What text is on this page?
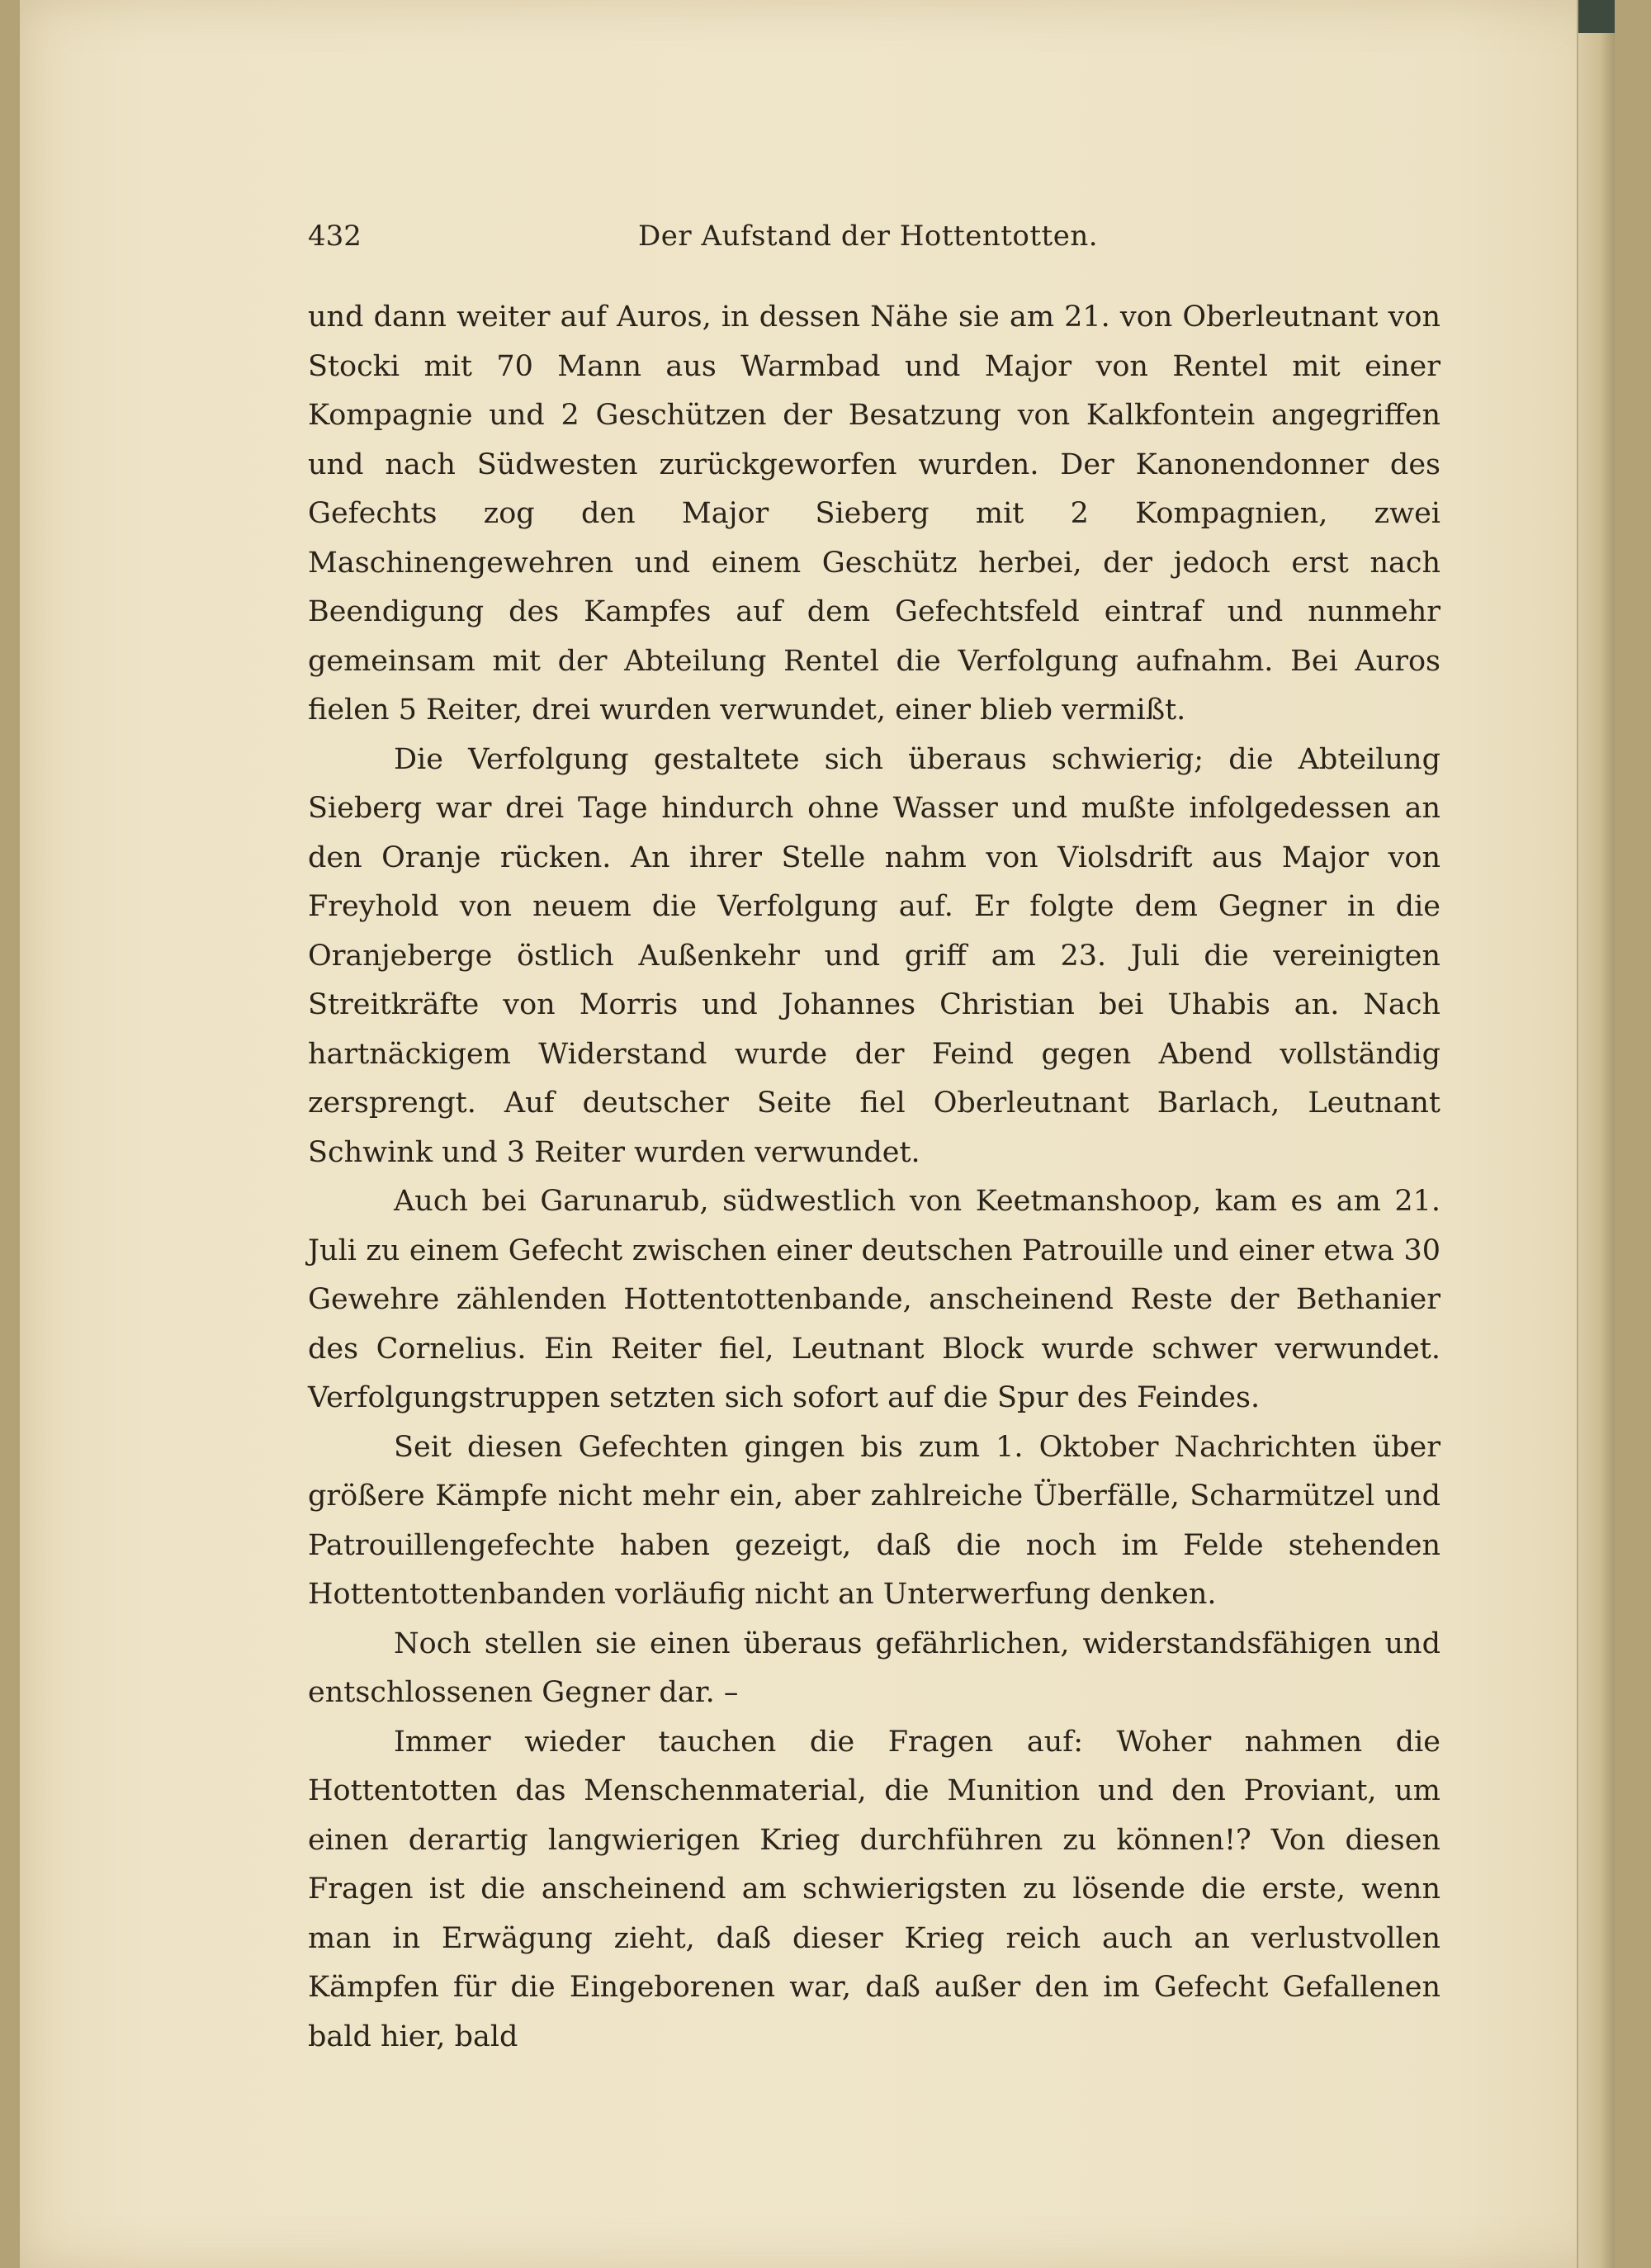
432	Der Aufstand der Hottentotten.

und dann weiter auf Auros, in dessen Nähe sie am 21. von Oberleutnant von Stocki mit 70 Mann aus Warmbad und Major von Rentel mit einer Kompagnie und 2 Geschützen der Besatzung von Kalkfontein angegriffen und nach Südwesten zurückgeworfen wurden. Der Kanonendonner des Gefechts zog den Major Sieberg mit 2 Kompagnien, zwei Maschinengewehren und einem Geschütz herbei, der jedoch erst nach Beendigung des Kampfes auf dem Gefechtsfeld eintraf und nunmehr gemeinsam mit der Abteilung Rentel die Verfolgung aufnahm. Bei Auros fielen 5 Reiter, drei wurden verwundet, einer blieb vermißt.

Die Verfolgung gestaltete sich überaus schwierig; die Abteilung Sieberg war drei Tage hindurch ohne Wasser und mußte infolgedessen an den Oranje rücken. An ihrer Stelle nahm von Violsdrift aus Major von Freyhold von neuem die Verfolgung auf. Er folgte dem Gegner in die Oranjeberge östlich Außenkehr und griff am 23. Juli die vereinigten Streitkräfte von Morris und Johannes Christian bei Uhabis an. Nach hartnäckigem Widerstand wurde der Feind gegen Abend vollständig zersprengt. Auf deutscher Seite fiel Oberleutnant Barlach, Leutnant Schwink und 3 Reiter wurden verwundet.

Auch bei Garunarub, südwestlich von Keetmanshoop, kam es am 21. Juli zu einem Gefecht zwischen einer deutschen Patrouille und einer etwa 30 Gewehre zählenden Hottentottenbande, anscheinend Reste der Bethanier des Cornelius. Ein Reiter fiel, Leutnant Block wurde schwer verwundet. Verfolgungstruppen setzten sich sofort auf die Spur des Feindes.

Seit diesen Gefechten gingen bis zum 1. Oktober Nachrichten über größere Kämpfe nicht mehr ein, aber zahlreiche Überfälle, Scharmützel und Patrouillengefechte haben gezeigt, daß die noch im Felde stehenden Hottentottenbanden vorläufig nicht an Unterwerfung denken.

Noch stellen sie einen überaus gefährlichen, widerstandsfähigen und entschlossenen Gegner dar. –

Immer wieder tauchen die Fragen auf: Woher nahmen die Hottentotten das Menschenmaterial, die Munition und den Proviant, um einen derartig langwierigen Krieg durchführen zu können!? Von diesen Fragen ist die anscheinend am schwierigsten zu lösende die erste, wenn man in Erwägung zieht, daß dieser Krieg reich auch an verlustvollen Kämpfen für die Eingeborenen war, daß außer den im Gefecht Gefallenen bald hier, bald
